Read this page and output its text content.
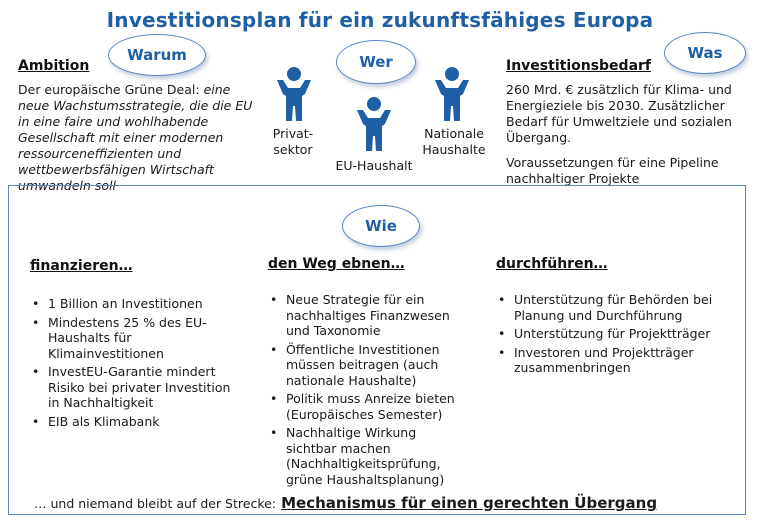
Investitionsplan für ein zukunftsfähiges Europa
Warum	Wer	Was
Ambition
Der europäische Grüne Deal: eine neue Wachstumsstrategie, die die EU in eine faire und wohlhabende Gesellschaft mit einer modernen ressourceneffizienten und wettbewerbsfähigen Wirtschaft umwandeln soll
Privat-
sektor
EU-Haushalt
Nationale
Haushalte
Investitionsbedarf
260 Mrd. € zusätzlich für Klima- und Energieziele bis 2030. Zusätzlicher Bedarf für Umweltziele und sozialen Übergang.
Voraussetzungen für eine Pipeline nachhaltiger Projekte
Wie
finanzieren…
• 1 Billion an Investitionen
• Mindestens 25 % des EU-Haushalts für Klimainvestitionen
• InvestEU-Garantie mindert Risiko bei privater Investition in Nachhaltigkeit
• EIB als Klimabank
den Weg ebnen…
• Neue Strategie für ein nachhaltiges Finanzwesen und Taxonomie
• Öffentliche Investitionen müssen beitragen (auch nationale Haushalte)
• Politik muss Anreize bieten (Europäisches Semester)
• Nachhaltige Wirkung sichtbar machen (Nachhaltigkeitsprüfung, grüne Haushaltsplanung)
durchführen…
• Unterstützung für Behörden bei Planung und Durchführung
• Unterstützung für Projektträger
• Investoren und Projektträger zusammenbringen
… und niemand bleibt auf der Strecke: Mechanismus für einen gerechten Übergang
